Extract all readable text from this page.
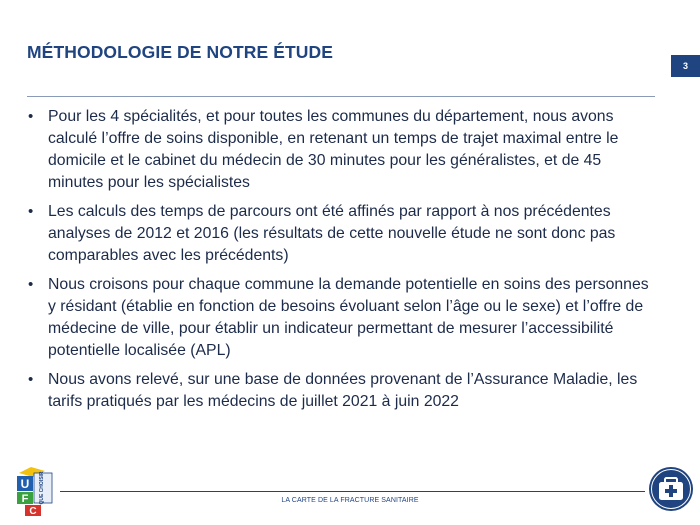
MÉTHODOLOGIE DE NOTRE ÉTUDE
3
• Pour les 4 spécialités, et pour toutes les communes du département, nous avons calculé l’offre de soins disponible, en retenant un temps de trajet maximal entre le domicile et le cabinet du médecin de 30 minutes pour les généralistes, et de 45 minutes pour les spécialistes
• Les calculs des temps de parcours ont été affinés par rapport à nos précédentes analyses de 2012 et 2016 (les résultats de cette nouvelle étude ne sont donc pas comparables avec les précédents)
• Nous croisons pour chaque commune la demande potentielle en soins des personnes y résidant (établie en fonction de besoins évoluant selon l’âge ou le sexe) et l’offre de médecine de ville, pour établir un indicateur permettant de mesurer l’accessibilité potentielle localisée (APL)
• Nous avons relevé, sur une base de données provenant de l’Assurance Maladie, les tarifs pratiqués par les médecins de juillet 2021 à juin 2022
LA CARTE DE LA FRACTURE SANITAIRE
U QUE CHOISIR
F
C
